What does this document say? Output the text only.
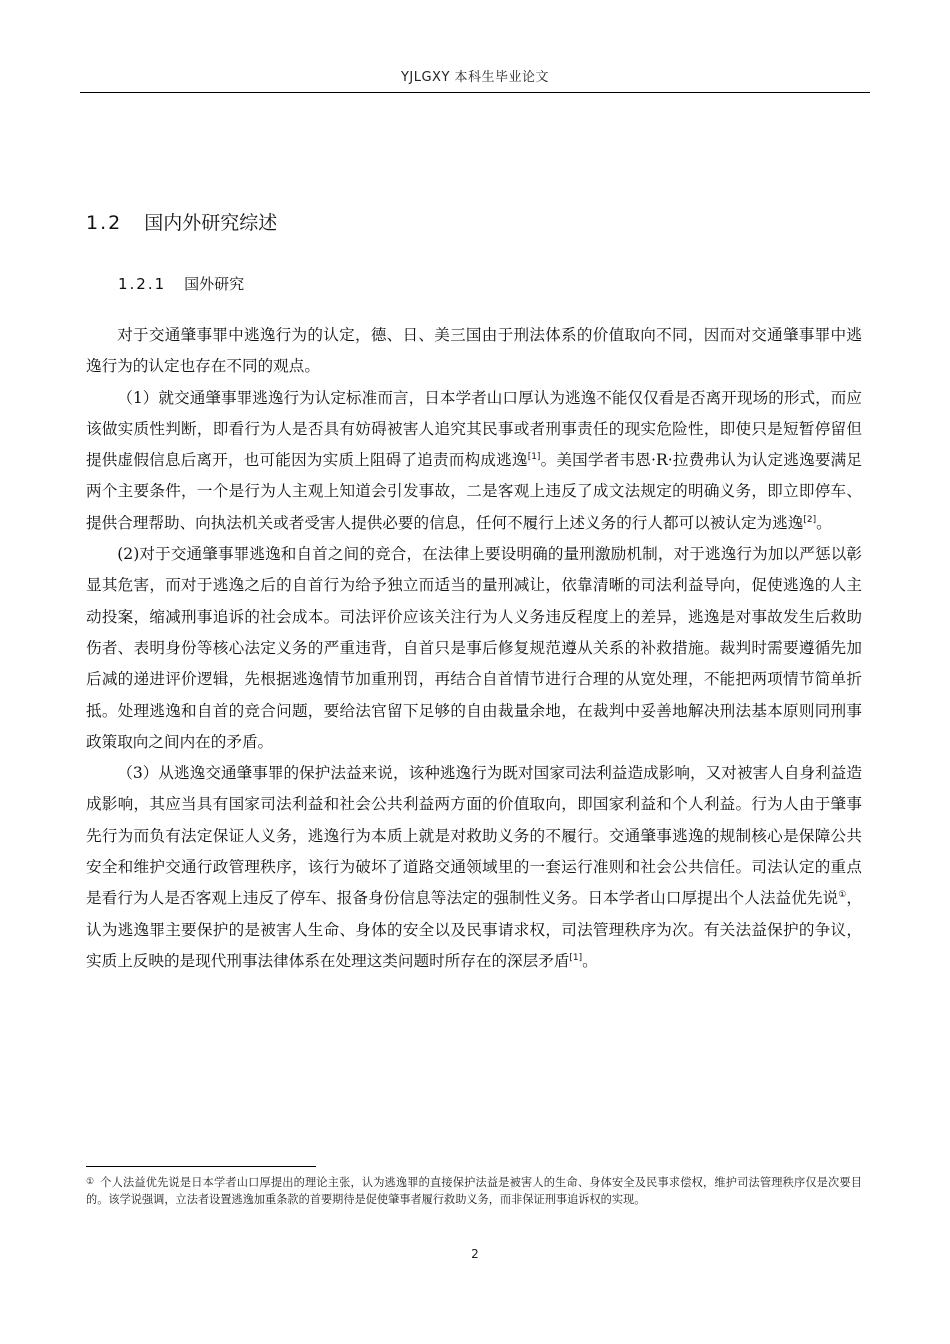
YJLGXY 本科生毕业论文
1.2 国内外研究综述
1.2.1 国外研究

对于交通肇事罪中逃逸行为的认定，德、日、美三国由于刑法体系的价值取向不同，因而对交通肇事罪中逃逸行为的认定也存在不同的观点。

（1）就交通肇事罪逃逸行为认定标准而言，日本学者山口厚认为逃逸不能仅仅看是否离开现场的形式，而应该做实质性判断，即看行为人是否具有妨碍被害人追究其民事或者刑事责任的现实危险性，即使只是短暂停留但提供虚假信息后离开，也可能因为实质上阻碍了追责而构成逃逸[1]。美国学者韦恩·R·拉费弗认为认定逃逸要满足两个主要条件，一个是行为人主观上知道会引发事故，二是客观上违反了成文法规定的明确义务，即立即停车、提供合理帮助、向执法机关或者受害人提供必要的信息，任何不履行上述义务的行人都可以被认定为逃逸[2]。

(2)对于交通肇事罪逃逸和自首之间的竞合，在法律上要设明确的量刑激励机制，对于逃逸行为加以严惩以彰显其危害，而对于逃逸之后的自首行为给予独立而适当的量刑减让，依靠清晰的司法利益导向，促使逃逸的人主动投案，缩减刑事追诉的社会成本。司法评价应该关注行为人义务违反程度上的差异，逃逸是对事故发生后救助伤者、表明身份等核心法定义务的严重违背，自首只是事后修复规范遵从关系的补救措施。裁判时需要遵循先加后减的递进评价逻辑，先根据逃逸情节加重刑罚，再结合自首情节进行合理的从宽处理，不能把两项情节简单折抵。处理逃逸和自首的竞合问题，要给法官留下足够的自由裁量余地，在裁判中妥善地解决刑法基本原则同刑事政策取向之间内在的矛盾。

（3）从逃逸交通肇事罪的保护法益来说，该种逃逸行为既对国家司法利益造成影响，又对被害人自身利益造成影响，其应当具有国家司法利益和社会公共利益两方面的价值取向，即国家利益和个人利益。行为人由于肇事先行为而负有法定保证人义务，逃逸行为本质上就是对救助义务的不履行。交通肇事逃逸的规制核心是保障公共安全和维护交通行政管理秩序，该行为破坏了道路交通领域里的一套运行准则和社会公共信任。司法认定的重点是看行为人是否客观上违反了停车、报备身份信息等法定的强制性义务。日本学者山口厚提出个人法益优先说①，认为逃逸罪主要保护的是被害人生命、身体的安全以及民事请求权，司法管理秩序为次。有关法益保护的争议，实质上反映的是现代刑事法律体系在处理这类问题时所存在的深层矛盾[1]。

① 个人法益优先说是日本学者山口厚提出的理论主张，认为逃逸罪的直接保护法益是被害人的生命、身体安全及民事求偿权，维护司法管理秩序仅是次要目的。该学说强调，立法者设置逃逸加重条款的首要期待是促使肇事者履行救助义务，而非保证刑事追诉权的实现。
2
